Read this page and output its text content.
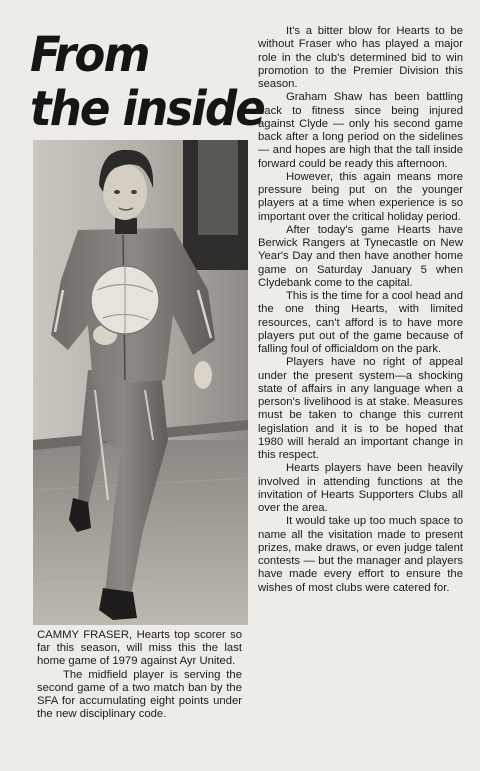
From
the inside

CAMMY FRASER, Hearts top scorer so far this season, will miss this the last home game of 1979 against Ayr United.

The midfield player is serving the second game of a two match ban by the SFA for accumulating eight points under the new disciplinary code.

It's a bitter blow for Hearts to be without Fraser who has played a major role in the club's determined bid to win promotion to the Premier Division this season.

Graham Shaw has been battling back to fitness since being injured against Clyde — only his second game back after a long period on the sidelines — and hopes are high that the tall inside forward could be ready this afternoon.

However, this again means more pressure being put on the younger players at a time when experience is so important over the critical holiday period.

After today's game Hearts have Berwick Rangers at Tynecastle on New Year's Day and then have another home game on Saturday January 5 when Clydebank come to the capital.

This is the time for a cool head and the one thing Hearts, with limited resources, can't afford is to have more players put out of the game because of falling foul of officialdom on the park.

Players have no right of appeal under the present system—a shocking state of affairs in any language when a person's livelihood is at stake. Measures must be taken to change this current legislation and it is to be hoped that 1980 will herald an important change in this respect.

Hearts players have been heavily involved in attending functions at the invitation of Hearts Supporters Clubs all over the area.

It would take up too much space to name all the visitation made to present prizes, make draws, or even judge talent contests — but the manager and players have made every effort to ensure the wishes of most clubs were catered for.
